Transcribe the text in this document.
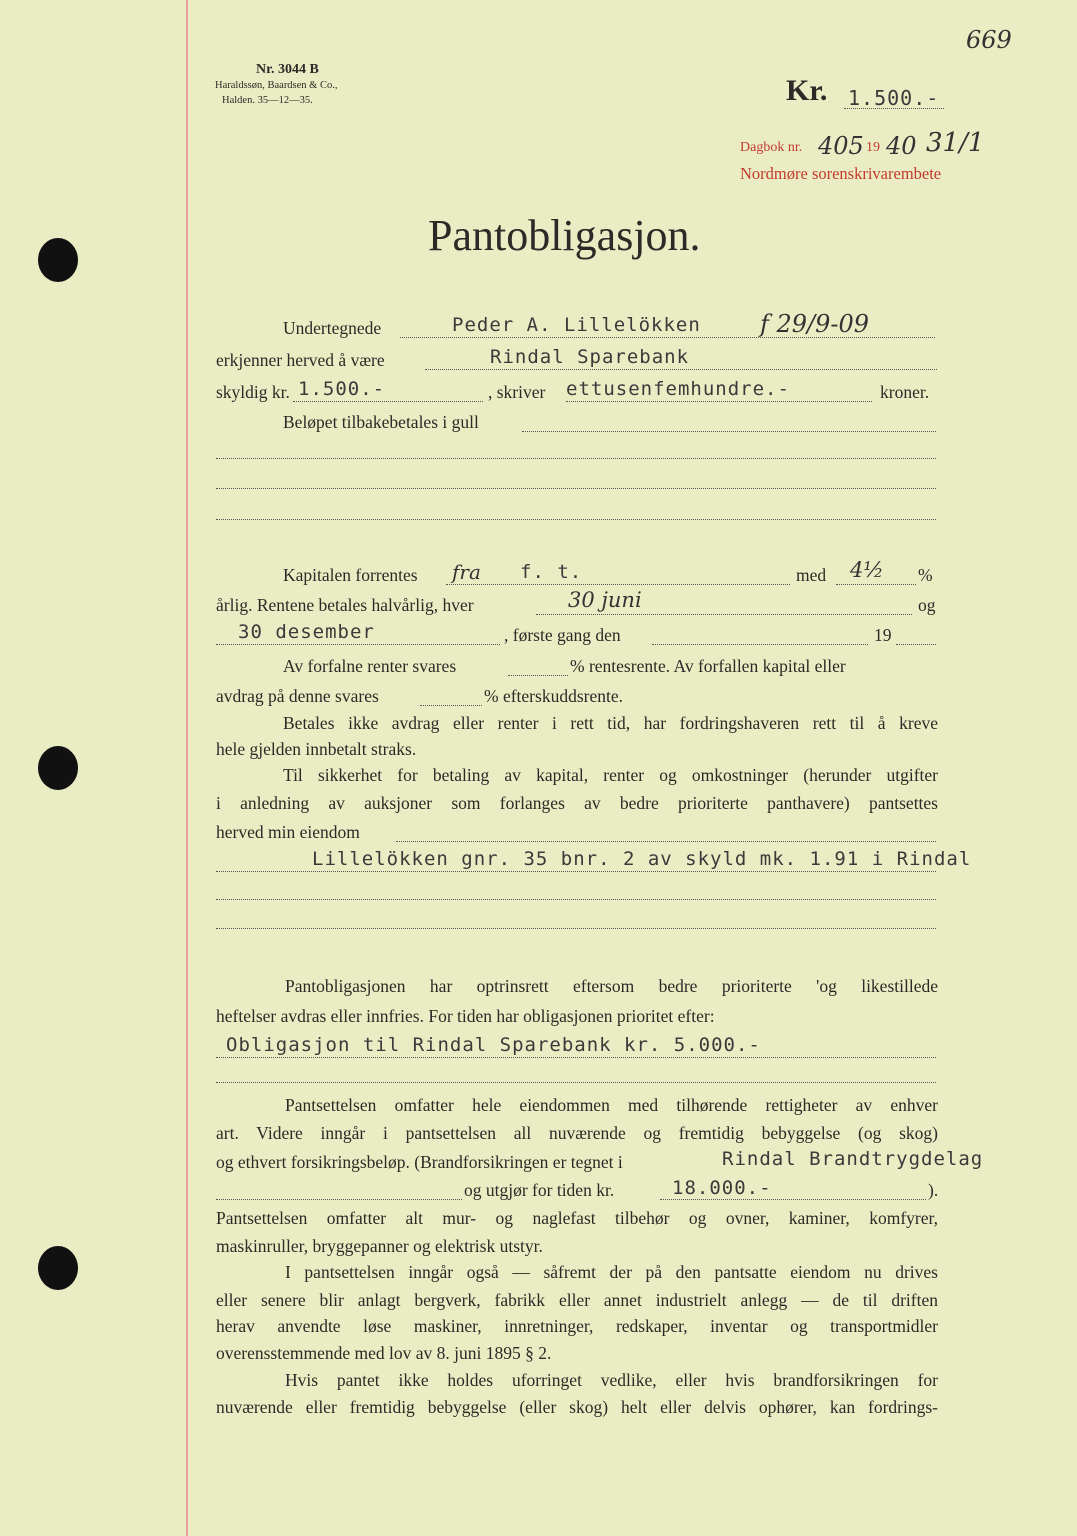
669
Nr. 3044 B
Haraldssøn, Baardsen & Co.,
Halden. 35—12—35.	Kr. 1.500.-
Dagbok nr. 405 19 40 31/1
Nordmøre sorenskrivarembete
Pantobligasjon.
Undertegnede	Peder A. Lillelökken f 29/9-09
erkjenner herved å være	Rindal Sparebank
skyldig kr. 1.500.-	, skriver ettusenfemhundre.-	kroner.
Beløpet tilbakebetales i gull
Kapitalen forrentes fra f. t.	med 4½ %
årlig. Rentene betales halvårlig, hver	30 juni	og
30 desember	, første gang den	19
Av forfalne renter svares	% rentesrente. Av forfallen kapital eller
avdrag på denne svares	% efterskuddsrente.
Betales ikke avdrag eller renter i rett tid, har fordringshaveren rett til å kreve
hele gjelden innbetalt straks.
Til sikkerhet for betaling av kapital, renter og omkostninger (herunder utgifter
i anledning av auksjoner som forlanges av bedre prioriterte panthavere) pantsettes
herved min eiendom
Lillelökken gnr. 35 bnr. 2 av skyld mk. 1.91 i Rindal
Pantobligasjonen har optrinsrett eftersom bedre prioriterte 'og likestillede
heftelser avdras eller innfries. For tiden har obligasjonen prioritet efter:
Obligasjon til Rindal Sparebank kr. 5.000.-
Pantsettelsen omfatter hele eiendommen med tilhørende rettigheter av enhver
art. Videre inngår i pantsettelsen all nuværende og fremtidig bebyggelse (og skog)
og ethvert forsikringsbeløp. (Brandforsikringen er tegnet i	Rindal Brandtrygdelag
og utgjør for tiden kr.	18.000.-	).
Pantsettelsen omfatter alt mur- og naglefast tilbehør og ovner, kaminer, komfyrer,
maskinruller, bryggepanner og elektrisk utstyr.
I pantsettelsen inngår også — såfremt der på den pantsatte eiendom nu drives
eller senere blir anlagt bergverk, fabrikk eller annet industrielt anlegg — de til driften
herav anvendte løse maskiner, innretninger, redskaper, inventar og transportmidler
overensstemmende med lov av 8. juni 1895 § 2.
Hvis pantet ikke holdes uforringet vedlike, eller hvis brandforsikringen for
nuværende eller fremtidig bebyggelse (eller skog) helt eller delvis ophører, kan fordrings-
